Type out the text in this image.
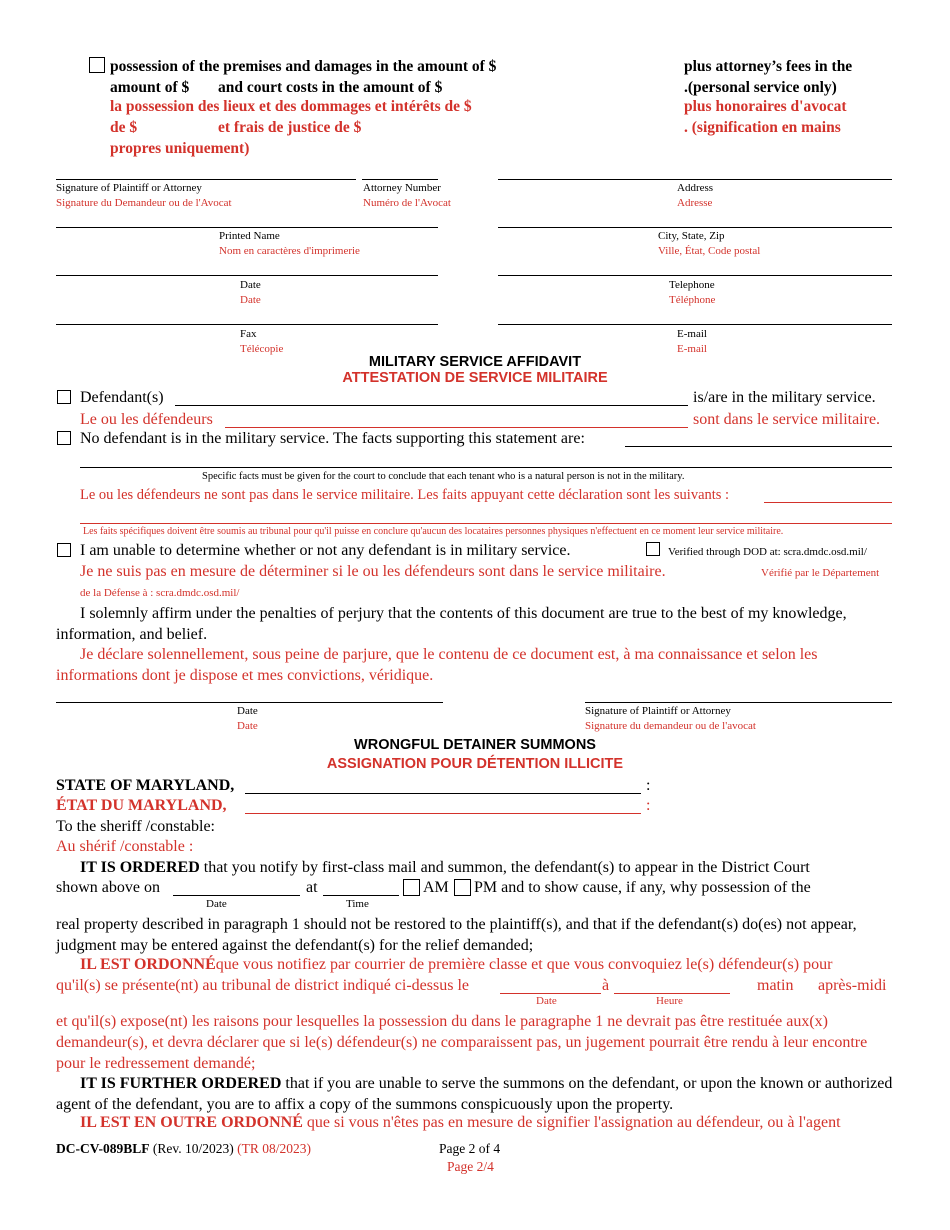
possession of the premises and damages in the amount of $	plus attorney’s fees in the
amount of $ and court costs in the amount of $	.(personal service only)
la possession des lieux et des dommages et intérêts de $	plus honoraires d'avocat
de $	et frais de justice de $	. (signification en mains
propres uniquement)
Signature of Plaintiff or Attorney
Signature du Demandeur ou de l'Avocat
Attorney Number
Numéro de l'Avocat
Address
Adresse
Printed Name
Nom en caractères d'imprimerie
City, State, Zip
Ville, État, Code postal
Date
Date
Telephone
Téléphone
Fax
Télécopie
E-mail
E-mail
MILITARY SERVICE AFFIDAVIT
ATTESTATION DE SERVICE MILITAIRE
Defendant(s)	is/are in the military service.
Le ou les défendeurs	sont dans le service militaire.
No defendant is in the military service. The facts supporting this statement are:
Specific facts must be given for the court to conclude that each tenant who is a natural person is not in the military.
Le ou les défendeurs ne sont pas dans le service militaire. Les faits appuyant cette déclaration sont les suivants :
Les faits spécifiques doivent être soumis au tribunal pour qu'il puisse en conclure qu'aucun des locataires personnes physiques n'effectuent en ce moment leur service militaire.
I am unable to determine whether or not any defendant is in military service.	Verified through DOD at: scra.dmdc.osd.mil/
Je ne suis pas en mesure de déterminer si le ou les défendeurs sont dans le service militaire.	Vérifié par le Département
de la Défense à : scra.dmdc.osd.mil/
I solemnly affirm under the penalties of perjury that the contents of this document are true to the best of my knowledge, information, and belief.
Je déclare solennellement, sous peine de parjure, que le contenu de ce document est, à ma connaissance et selon les informations dont je dispose et mes convictions, véridique.
Date
Date
Signature of Plaintiff or Attorney
Signature du demandeur ou de l'avocat
WRONGFUL DETAINER SUMMONS
ASSIGNATION POUR DÉTENTION ILLICITE
STATE OF MARYLAND,	:
ÉTAT DU MARYLAND,	:
To the sheriff /constable:
Au shérif /constable :
IT IS ORDERED that you notify by first-class mail and summon, the defendant(s) to appear in the District Court
shown above on	at	AM PM and to show cause, if any, why possession of the
Date	Time
real property described in paragraph 1 should not be restored to the plaintiff(s), and that if the defendant(s) do(es) not appear, judgment may be entered against the defendant(s) for the relief demanded;
IL EST ORDONNÉque vous notifiez par courrier de première classe et que vous convoquiez le(s) défendeur(s) pour
qu'il(s) se présente(nt) au tribunal de district indiqué ci-dessus le	à	matin après-midi
Date	Heure
et qu'il(s) expose(nt) les raisons pour lesquelles la possession du dans le paragraphe 1 ne devrait pas être restituée aux(x) demandeur(s), et devra déclarer que si le(s) défendeur(s) ne comparaissent pas, un jugement pourrait être rendu à leur encontre pour le redressement demandé;
IT IS FURTHER ORDERED that if you are unable to serve the summons on the defendant, or upon the known or authorized agent of the defendant, you are to affix a copy of the summons conspicuously upon the property.
IL EST EN OUTRE ORDONNÉ que si vous n'êtes pas en mesure de signifier l'assignation au défendeur, ou à l'agent
DC-CV-089BLF (Rev. 10/2023) (TR 08/2023)	Page 2 of 4
Page 2/4
